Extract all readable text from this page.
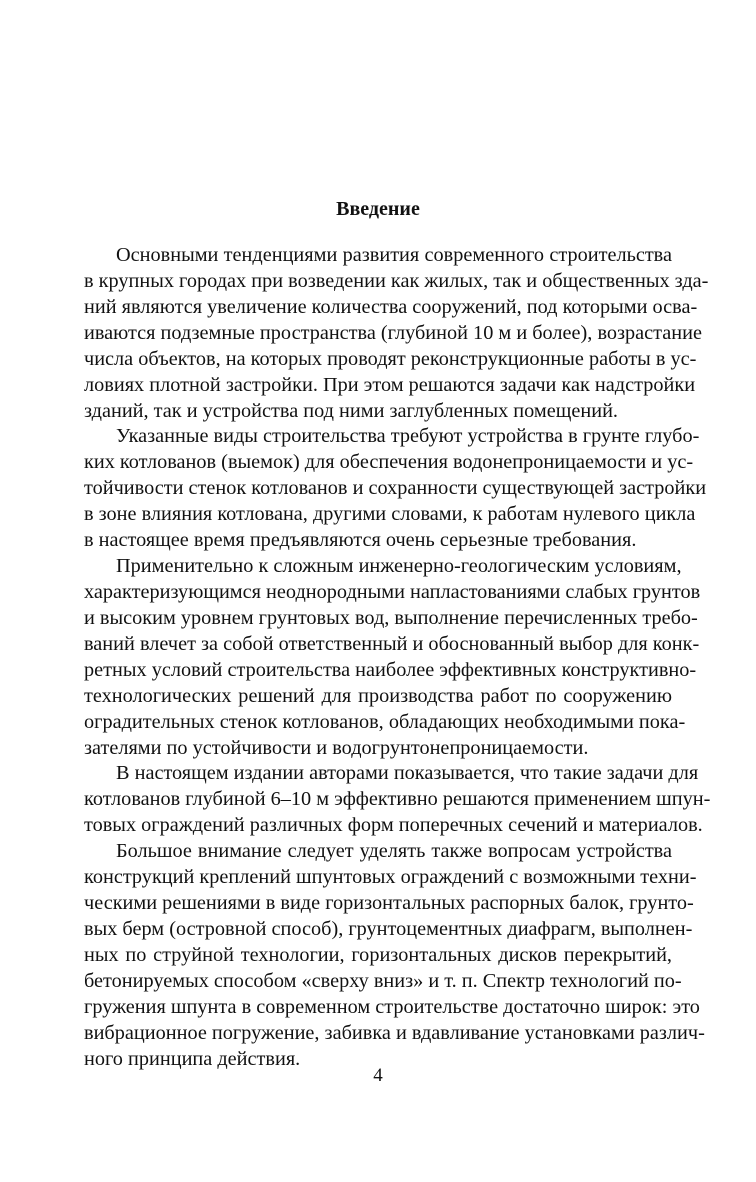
Введение

Основными тенденциями развития современного строительства
в крупных городах при возведении как жилых, так и общественных зда-
ний являются увеличение количества сооружений, под которыми осва-
иваются подземные пространства (глубиной 10 м и более), возрастание
числа объектов, на которых проводят реконструкционные работы в ус-
ловиях плотной застройки. При этом решаются задачи как надстройки
зданий, так и устройства под ними заглубленных помещений.

Указанные виды строительства требуют устройства в грунте глубо-
ких котлованов (выемок) для обеспечения водонепроницаемости и ус-
тойчивости стенок котлованов и сохранности существующей застройки
в зоне влияния котлована, другими словами, к работам нулевого цикла
в настоящее время предъявляются очень серьезные требования.

Применительно к сложным инженерно-геологическим условиям,
характеризующимся неоднородными напластованиями слабых грунтов
и высоким уровнем грунтовых вод, выполнение перечисленных требо-
ваний влечет за собой ответственный и обоснованный выбор для конк-
ретных условий строительства наиболее эффективных конструктивно-
технологических решений для производства работ по сооружению
оградительных стенок котлованов, обладающих необходимыми пока-
зателями по устойчивости и водогрунтонепроницаемости.

В настоящем издании авторами показывается, что такие задачи для
котлованов глубиной 6–10 м эффективно решаются применением шпун-
товых ограждений различных форм поперечных сечений и материалов.

Большое внимание следует уделять также вопросам устройства
конструкций креплений шпунтовых ограждений с возможными техни-
ческими решениями в виде горизонтальных распорных балок, грунто-
вых берм (островной способ), грунтоцементных диафрагм, выполнен-
ных по струйной технологии, горизонтальных дисков перекрытий,
бетонируемых способом «сверху вниз» и т. п. Спектр технологий по-
гружения шпунта в современном строительстве достаточно широк: это
вибрационное погружение, забивка и вдавливание установками различ-
ного принципа действия.

4
